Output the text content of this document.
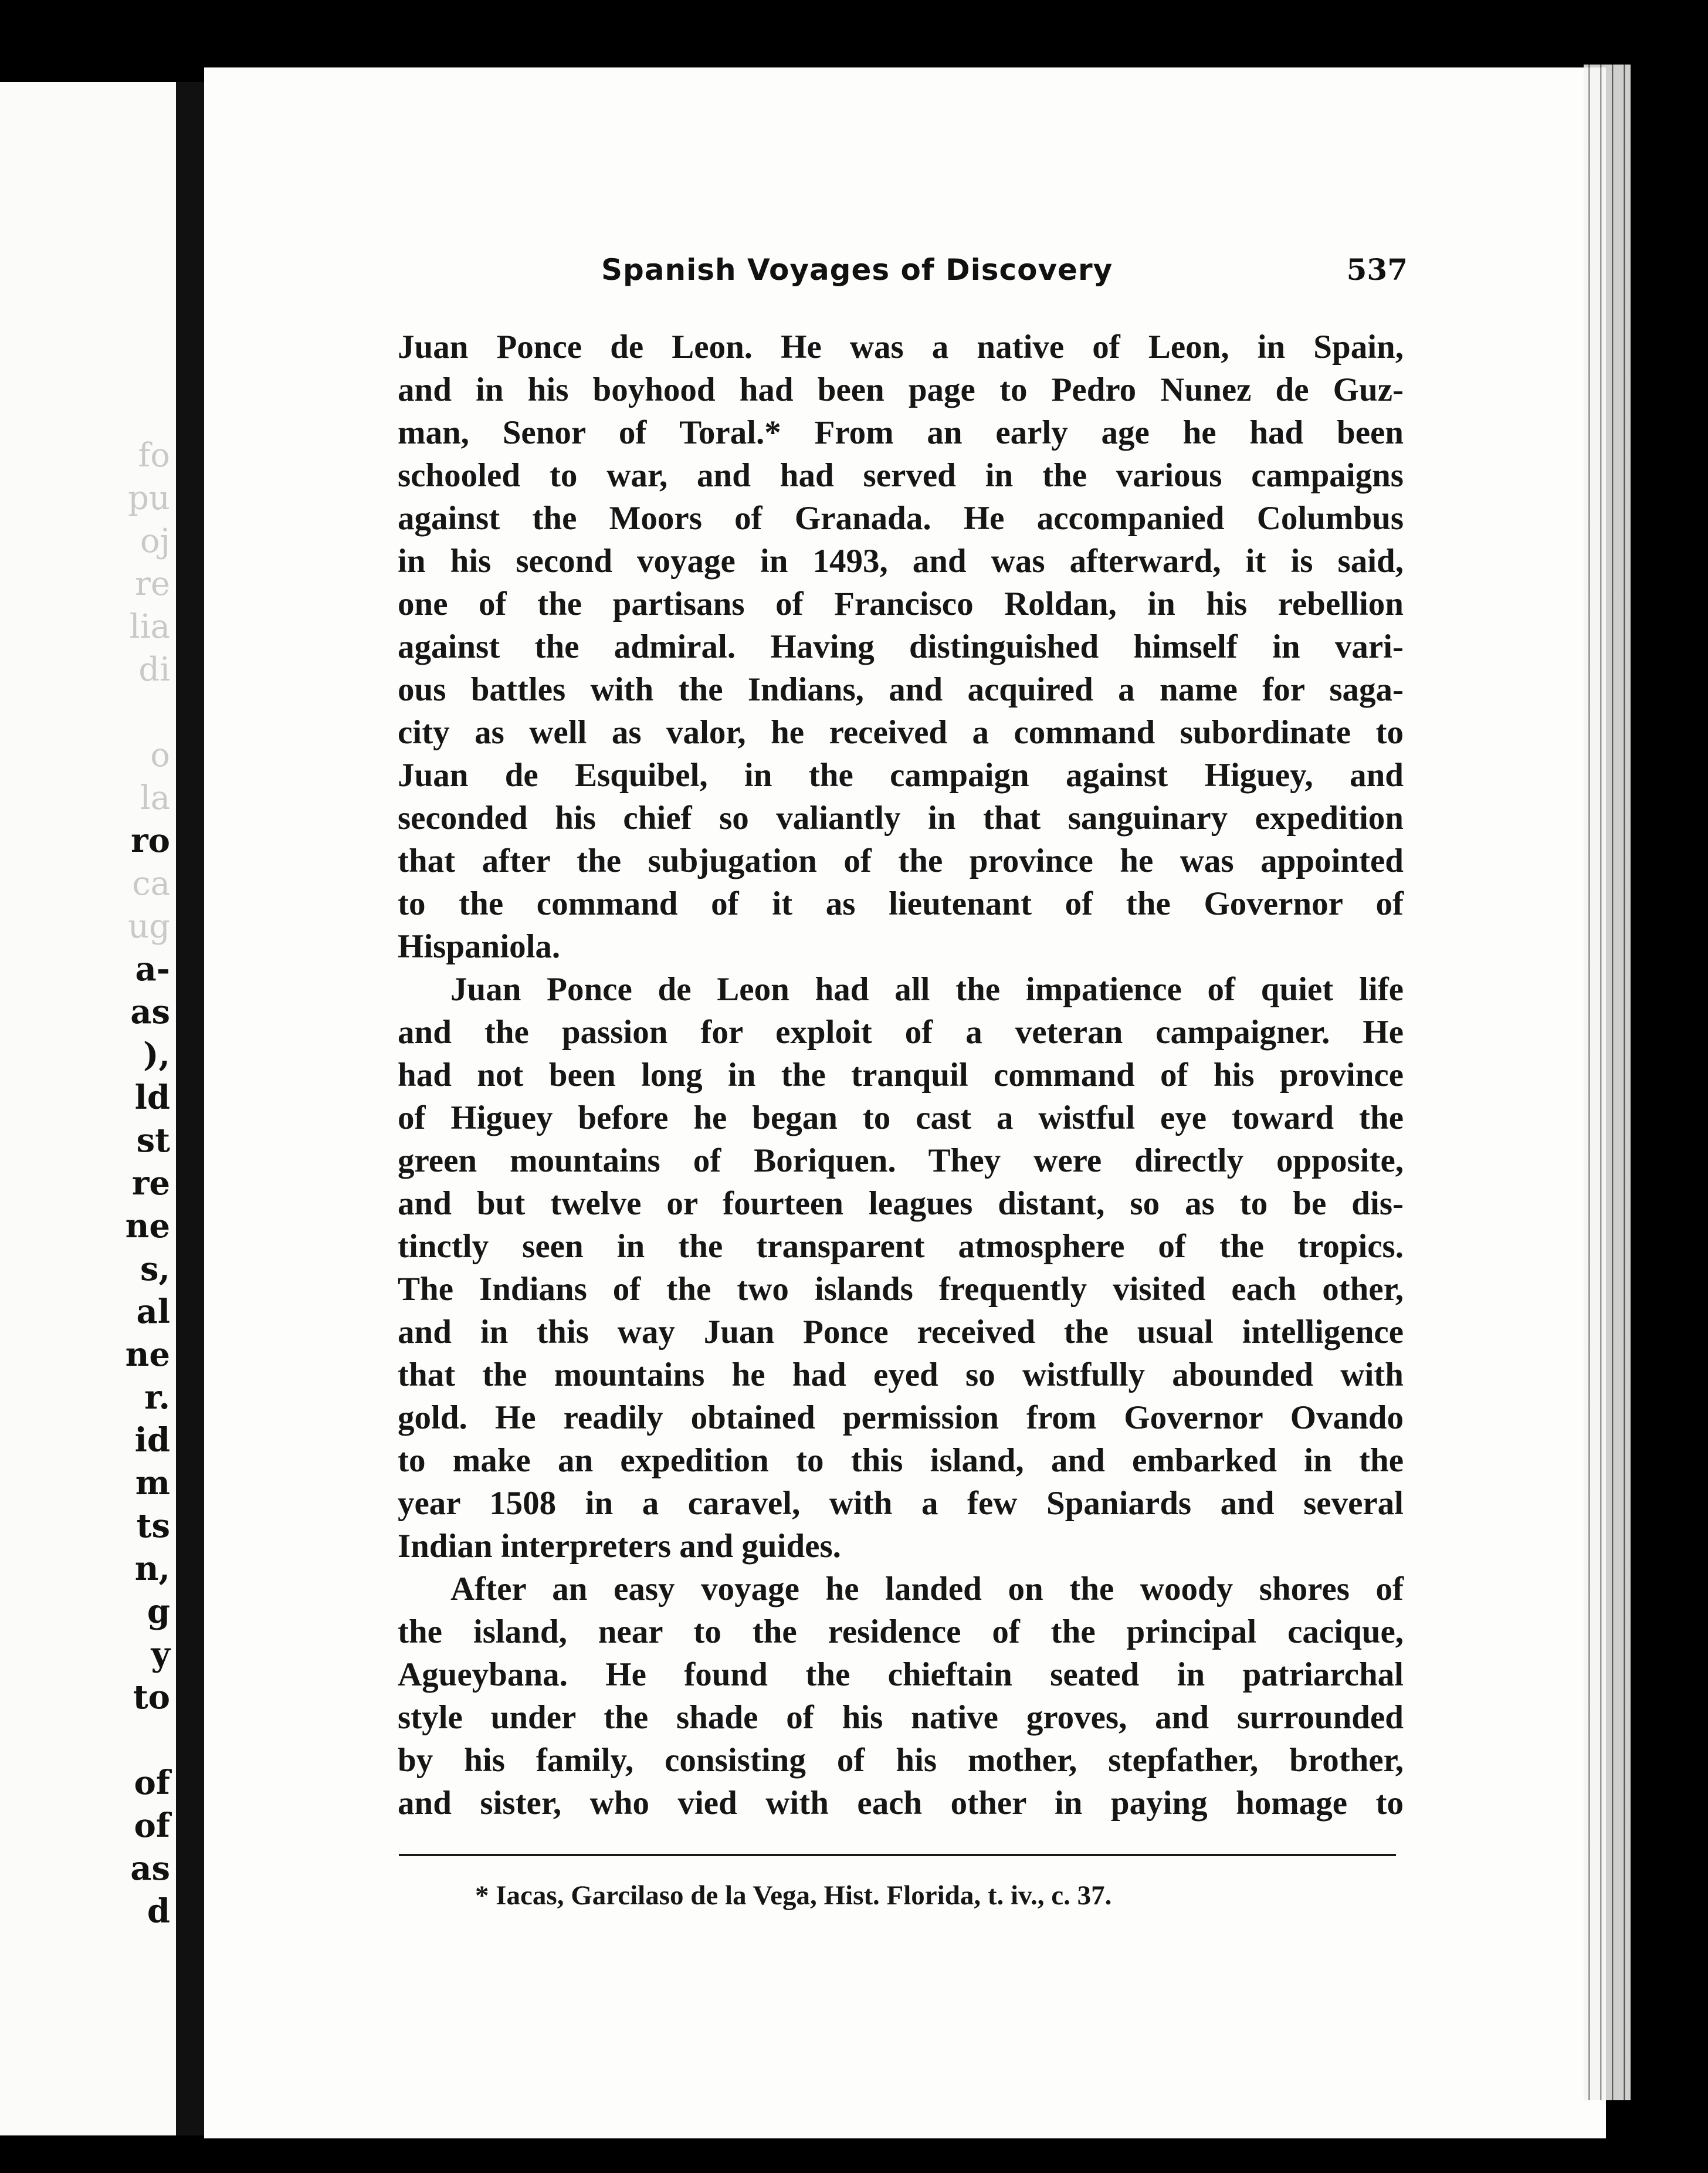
fo
pu
oj
re
lia
di
o
la
ro
ca
ug
a-
as
),
ld
st
re
ne
s,
al
ne
r.
id
m
ts
n,
g
y
to
of
of
as
d
Spanish Voyages of Discovery	537
Juan Ponce de Leon. He was a native of Leon, in Spain,
and in his boyhood had been page to Pedro Nunez de Guz-
man, Senor of Toral.* From an early age he had been
schooled to war, and had served in the various campaigns
against the Moors of Granada. He accompanied Columbus
in his second voyage in 1493, and was afterward, it is said,
one of the partisans of Francisco Roldan, in his rebellion
against the admiral. Having distinguished himself in vari-
ous battles with the Indians, and acquired a name for saga-
city as well as valor, he received a command subordinate to
Juan de Esquibel, in the campaign against Higuey, and
seconded his chief so valiantly in that sanguinary expedition
that after the subjugation of the province he was appointed
to the command of it as lieutenant of the Governor of
Hispaniola.
Juan Ponce de Leon had all the impatience of quiet life
and the passion for exploit of a veteran campaigner. He
had not been long in the tranquil command of his province
of Higuey before he began to cast a wistful eye toward the
green mountains of Boriquen. They were directly opposite,
and but twelve or fourteen leagues distant, so as to be dis-
tinctly seen in the transparent atmosphere of the tropics.
The Indians of the two islands frequently visited each other,
and in this way Juan Ponce received the usual intelligence
that the mountains he had eyed so wistfully abounded with
gold. He readily obtained permission from Governor Ovando
to make an expedition to this island, and embarked in the
year 1508 in a caravel, with a few Spaniards and several
Indian interpreters and guides.
After an easy voyage he landed on the woody shores of
the island, near to the residence of the principal cacique,
Agueybana. He found the chieftain seated in patriarchal
style under the shade of his native groves, and surrounded
by his family, consisting of his mother, stepfather, brother,
and sister, who vied with each other in paying homage to
* Iacas, Garcilaso de la Vega, Hist. Florida, t. iv., c. 37.
